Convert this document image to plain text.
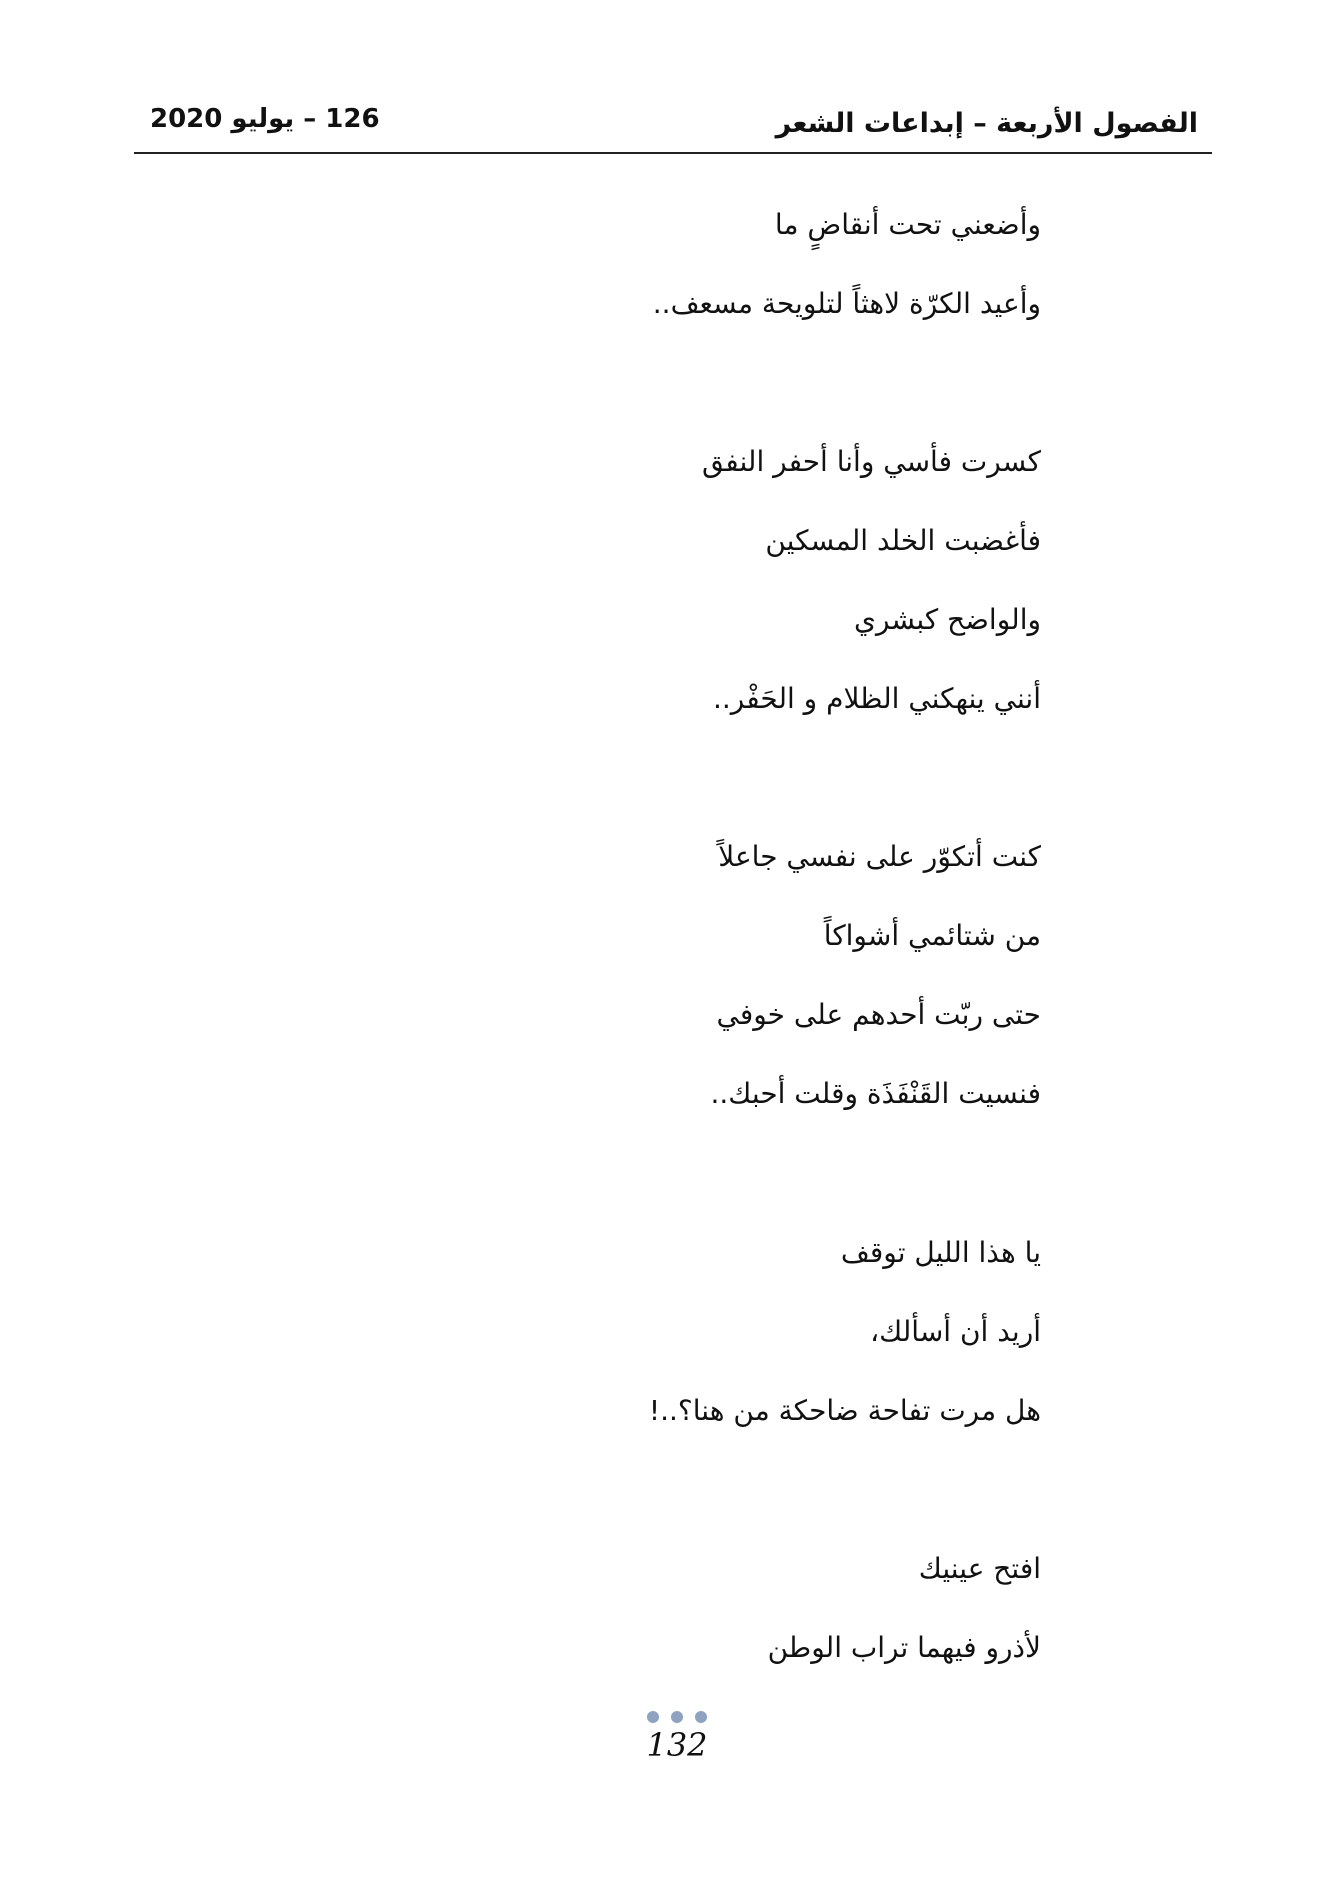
الفصول الأربعة – إبداعات الشعر
126 – يوليو 2020
وأضعني تحت أنقاضٍ ما
وأعيد الكرّة لاهثاً لتلويحة مسعف..
كسرت فأسي وأنا أحفر النفق
فأغضبت الخلد المسكين
والواضح كبشري
أنني ينهكني الظلام و الحَفْر..
كنت أتكوّر على نفسي جاعلاً
من شتائمي أشواكاً
حتى ربّت أحدهم على خوفي
فنسيت القَنْفَذَة وقلت أحبك..
يا هذا الليل توقف
أريد أن أسألك،
هل مرت تفاحة ضاحكة من هنا؟..!
افتح عينيك
لأذرو فيهما تراب الوطن
132
